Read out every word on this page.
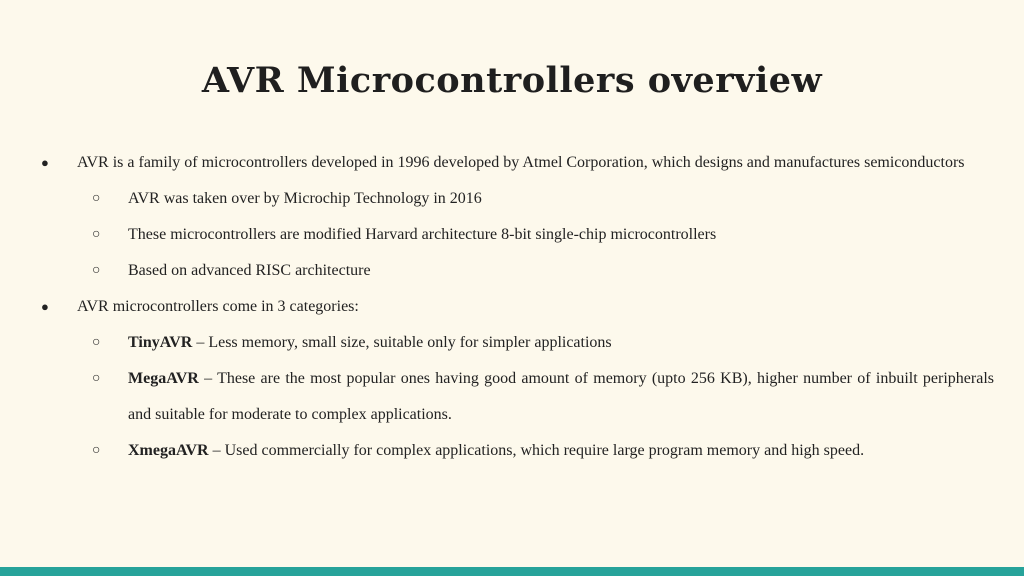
AVR Microcontrollers overview
● AVR is a family of microcontrollers developed in 1996 developed by Atmel Corporation, which designs and manufactures semiconductors
○ AVR was taken over by Microchip Technology in 2016
○ These microcontrollers are modified Harvard architecture 8-bit single-chip microcontrollers
○ Based on advanced RISC architecture
● AVR microcontrollers come in 3 categories:
○ TinyAVR – Less memory, small size, suitable only for simpler applications
○ MegaAVR – These are the most popular ones having good amount of memory (upto 256 KB), higher number of inbuilt peripherals and suitable for moderate to complex applications.
○ XmegaAVR – Used commercially for complex applications, which require large program memory and high speed.
